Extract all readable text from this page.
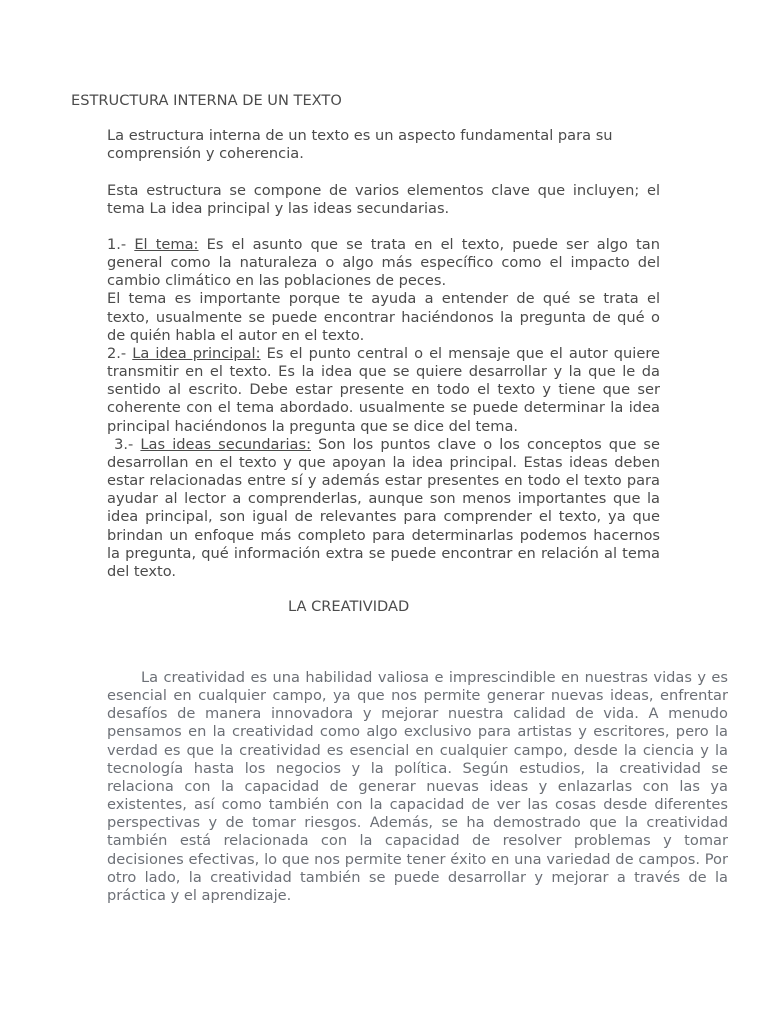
ESTRUCTURA INTERNA DE UN TEXTO

La estructura interna de un texto es un aspecto fundamental para su comprensión y coherencia.

Esta estructura se compone de varios elementos clave que incluyen; el tema La idea principal y las ideas secundarias.

1.- El tema: Es el asunto que se trata en el texto, puede ser algo tan general como la naturaleza o algo más específico como el impacto del cambio climático en las poblaciones de peces.

El tema es importante porque te ayuda a entender de qué se trata el texto, usualmente se puede encontrar haciéndonos la pregunta de qué o de quién habla el autor en el texto.

2.- La idea principal: Es el punto central o el mensaje que el autor quiere transmitir en el texto. Es la idea que se quiere desarrollar y la que le da sentido al escrito. Debe estar presente en todo el texto y tiene que ser coherente con el tema abordado. usualmente se puede determinar la idea principal haciéndonos la pregunta que se dice del tema.

3.- Las ideas secundarias: Son los puntos clave o los conceptos que se desarrollan en el texto y que apoyan la idea principal. Estas ideas deben estar relacionadas entre sí y además estar presentes en todo el texto para ayudar al lector a comprenderlas, aunque son menos importantes que la idea principal, son igual de relevantes para comprender el texto, ya que brindan un enfoque más completo para determinarlas podemos hacernos la pregunta, qué información extra se puede encontrar en relación al tema del texto.

LA CREATIVIDAD

La creatividad es una habilidad valiosa e imprescindible en nuestras vidas y es esencial en cualquier campo, ya que nos permite generar nuevas ideas, enfrentar desafíos de manera innovadora y mejorar nuestra calidad de vida. A menudo pensamos en la creatividad como algo exclusivo para artistas y escritores, pero la verdad es que la creatividad es esencial en cualquier campo, desde la ciencia y la tecnología hasta los negocios y la política. Según estudios, la creatividad se relaciona con la capacidad de generar nuevas ideas y enlazarlas con las ya existentes, así como también con la capacidad de ver las cosas desde diferentes perspectivas y de tomar riesgos. Además, se ha demostrado que la creatividad también está relacionada con la capacidad de resolver problemas y tomar decisiones efectivas, lo que nos permite tener éxito en una variedad de campos. Por otro lado, la creatividad también se puede desarrollar y mejorar a través de la práctica y el aprendizaje.
